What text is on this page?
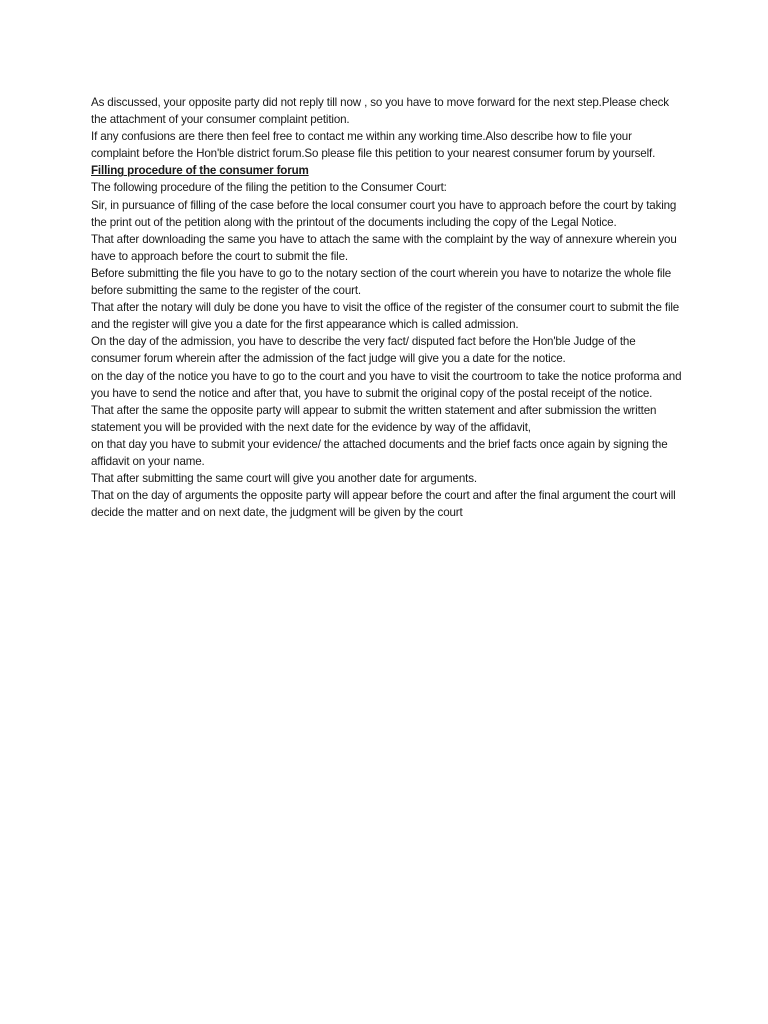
As discussed, your opposite party did not reply till now , so you have to move forward for the next step.Please check the attachment of your consumer complaint petition.

If any confusions are there then feel free to contact me within any working time.Also describe how to file your complaint before the Hon'ble district forum.So please file this petition to your nearest consumer forum by yourself.

Filling procedure of the consumer forum

The following procedure of the filing the petition to the Consumer Court:

Sir, in pursuance of filling of the case before the local consumer court you have to approach before the court by taking the print out of the petition along with the printout of the documents including the copy of the Legal Notice.

That after downloading the same you have to attach the same with the complaint by the way of annexure wherein you have to approach before the court to submit the file.

Before submitting the file you have to go to the notary section of the court wherein you have to notarize the whole file before submitting the same to the register of the court.

That after the notary will duly be done you have to visit the office of the register of the consumer court to submit the file and the register will give you a date for the first appearance which is called admission.

On the day of the admission, you have to describe the very fact/ disputed fact before the Hon'ble Judge of the consumer forum wherein after the admission of the fact judge will give you a date for the notice.

on the day of the notice you have to go to the court and you have to visit the courtroom to take the notice proforma and you have to send the notice and after that, you have to submit the original copy of the postal receipt of the notice.

That after the same the opposite party will appear to submit the written statement and after submission the written statement you will be provided with the next date for the evidence by way of the affidavit,

on that day you have to submit your evidence/ the attached documents and the brief facts once again by signing the affidavit on your name.

That after submitting the same court will give you another date for arguments.

That on the day of arguments the opposite party will appear before the court and after the final argument the court will decide the matter and on next date, the judgment will be given by the court
